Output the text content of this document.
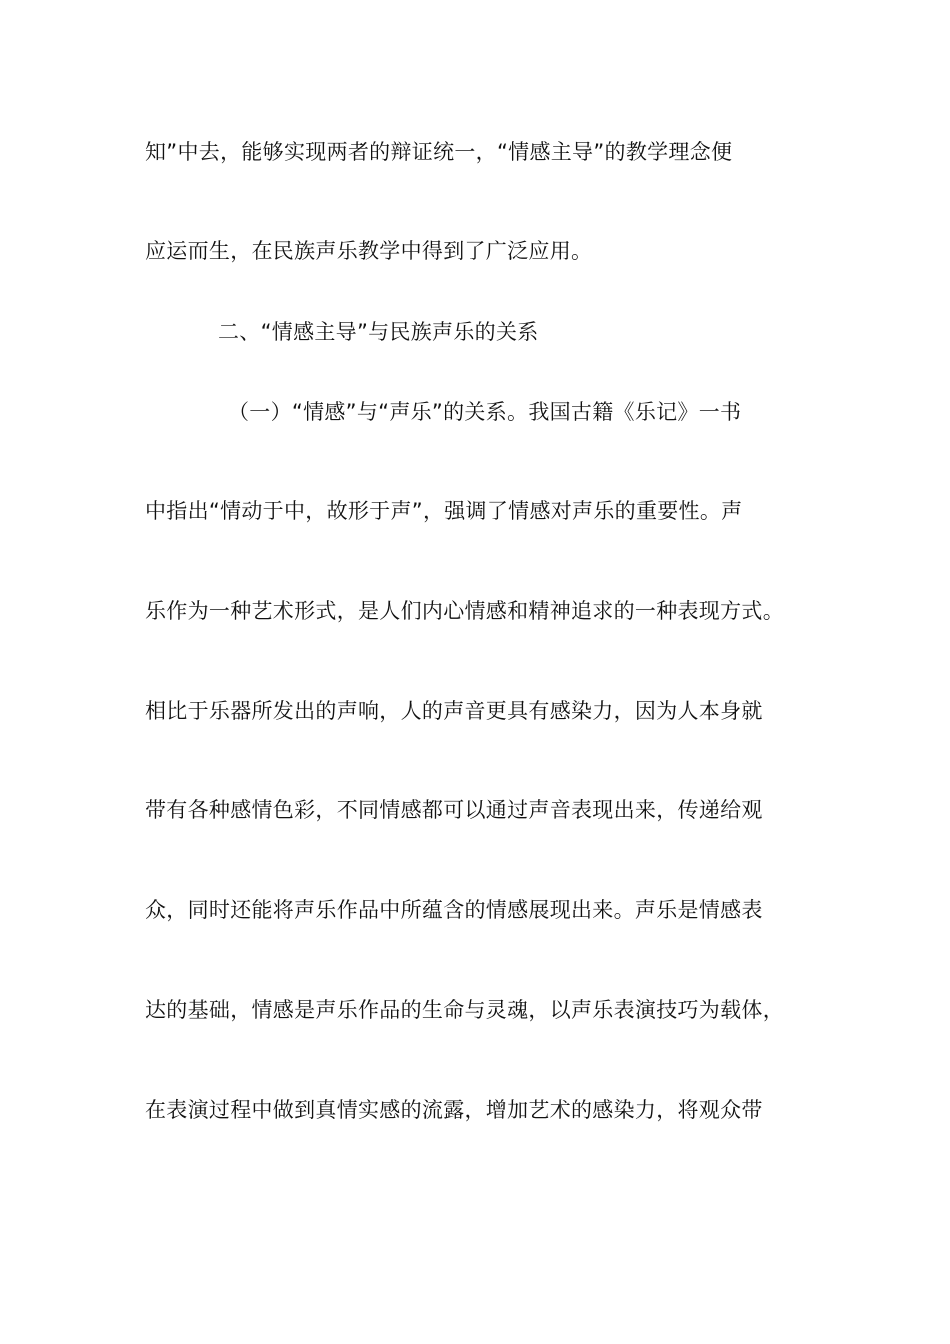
知”中去，能够实现两者的辩证统一，“情感主导”的教学理念便
应运而生，在民族声乐教学中得到了广泛应用。
二、“情感主导”与民族声乐的关系
（一）“情感”与“声乐”的关系。我国古籍《乐记》一书
中指出“情动于中，故形于声”，强调了情感对声乐的重要性。声
乐作为一种艺术形式，是人们内心情感和精神追求的一种表现方式。
相比于乐器所发出的声响，人的声音更具有感染力，因为人本身就
带有各种感情色彩，不同情感都可以通过声音表现出来，传递给观
众，同时还能将声乐作品中所蕴含的情感展现出来。声乐是情感表
达的基础，情感是声乐作品的生命与灵魂，以声乐表演技巧为载体，
在表演过程中做到真情实感的流露，增加艺术的感染力，将观众带
